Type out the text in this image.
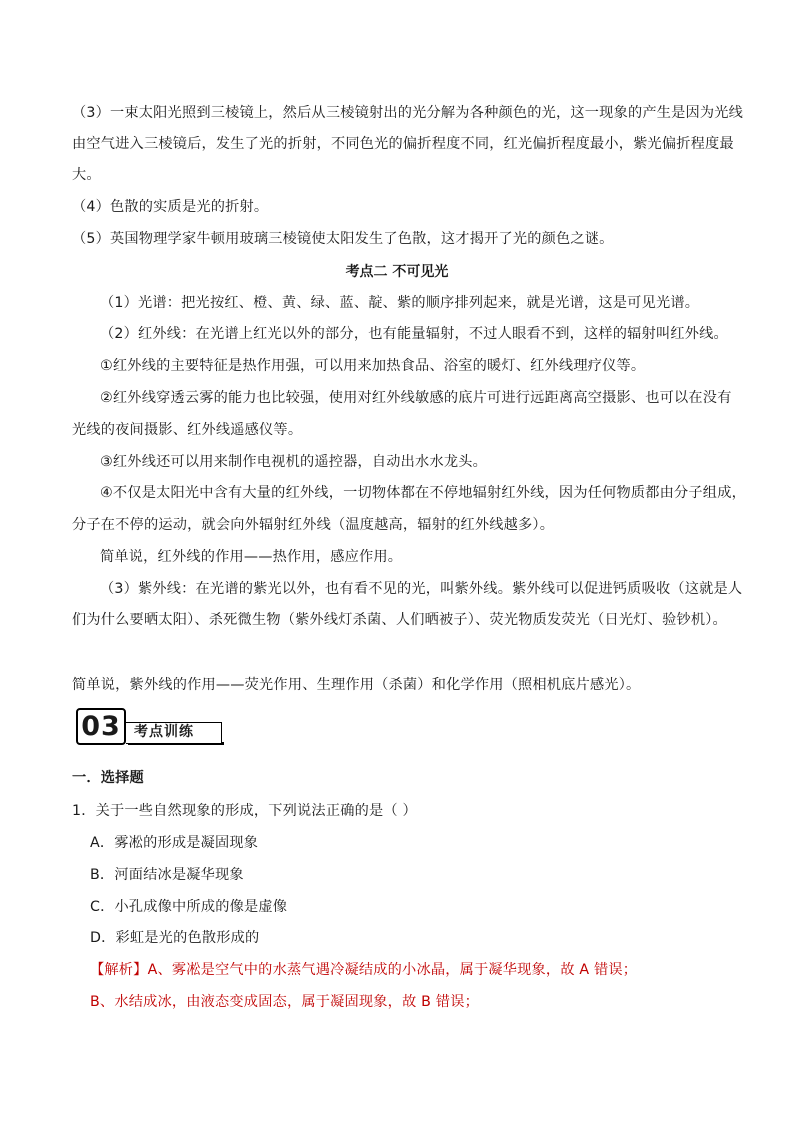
（3）一束太阳光照到三棱镜上，然后从三棱镜射出的光分解为各种颜色的光，这一现象的产生是因为光线
由空气进入三棱镜后，发生了光的折射，不同色光的偏折程度不同，红光偏折程度最小，紫光偏折程度最
大。
（4）色散的实质是光的折射。
（5）英国物理学家牛顿用玻璃三棱镜使太阳发生了色散，这才揭开了光的颜色之谜。
考点二 不可见光
（1）光谱：把光按红、橙、黄、绿、蓝、靛、紫的顺序排列起来，就是光谱，这是可见光谱。
（2）红外线：在光谱上红光以外的部分，也有能量辐射，不过人眼看不到，这样的辐射叫红外线。
①红外线的主要特征是热作用强，可以用来加热食品、浴室的暖灯、红外线理疗仪等。
②红外线穿透云雾的能力也比较强，使用对红外线敏感的底片可进行远距离高空摄影、也可以在没有
光线的夜间摄影、红外线遥感仪等。
③红外线还可以用来制作电视机的遥控器，自动出水水龙头。
④不仅是太阳光中含有大量的红外线，一切物体都在不停地辐射红外线，因为任何物质都由分子组成，
分子在不停的运动，就会向外辐射红外线（温度越高，辐射的红外线越多）。
简单说，红外线的作用——热作用，感应作用。
（3）紫外线：在光谱的紫光以外，也有看不见的光，叫紫外线。紫外线可以促进钙质吸收（这就是人
们为什么要晒太阳）、杀死微生物（紫外线灯杀菌、人们晒被子）、荧光物质发荧光（日光灯、验钞机）。
简单说，紫外线的作用——荧光作用、生理作用（杀菌）和化学作用（照相机底片感光）。
考点训练
03
一．选择题
1．关于一些自然现象的形成，下列说法正确的是（ ）
A．雾凇的形成是凝固现象
B．河面结冰是凝华现象
C．小孔成像中所成的像是虚像
D．彩虹是光的色散形成的
【解析】A、雾凇是空气中的水蒸气遇冷凝结成的小冰晶，属于凝华现象，故 A 错误；
B、水结成冰，由液态变成固态，属于凝固现象，故 B 错误；
